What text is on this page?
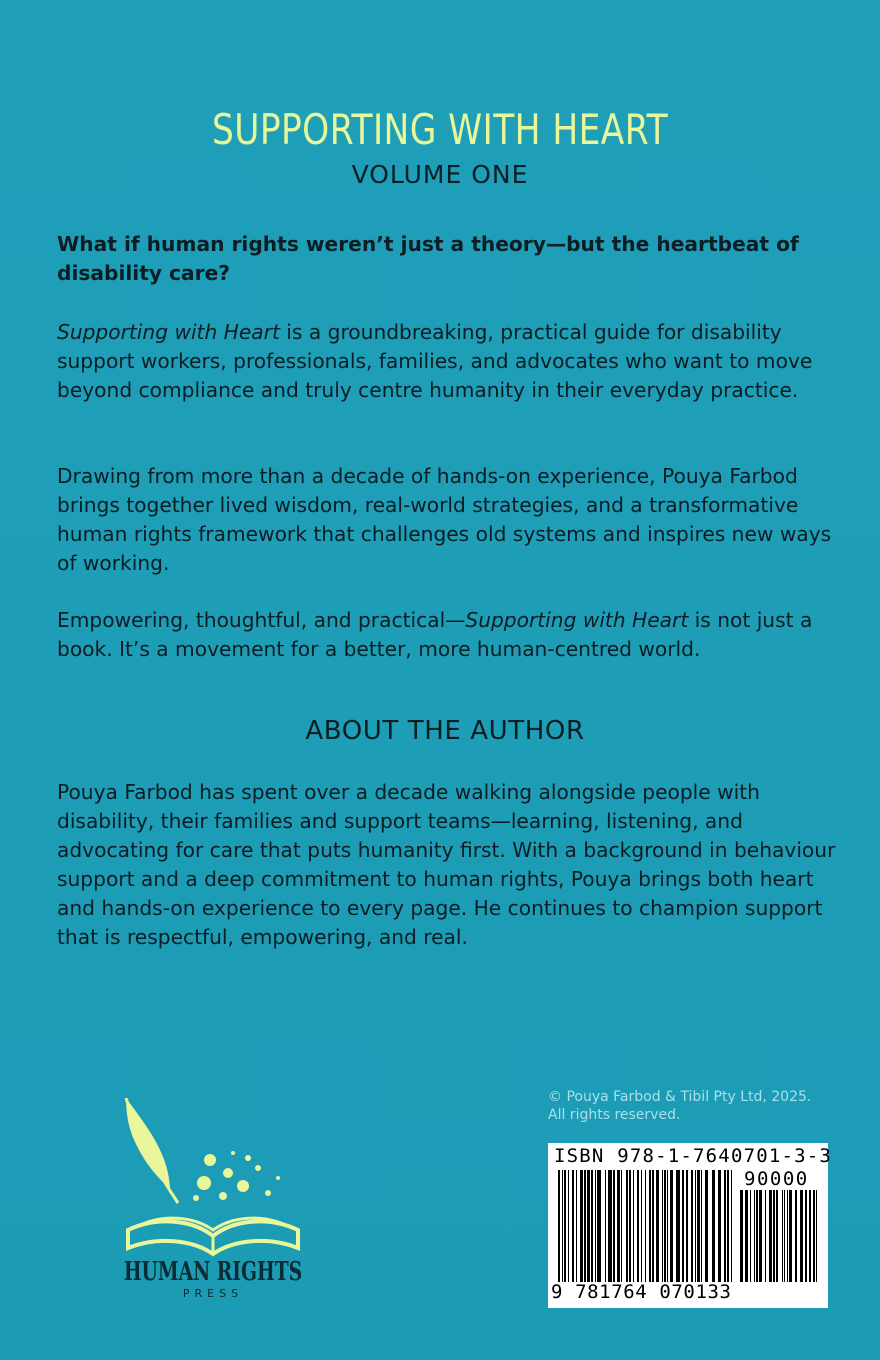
SUPPORTING WITH HEART
VOLUME ONE
What if human rights weren’t just a theory—but the heartbeat of disability care?
Supporting with Heart is a groundbreaking, practical guide for disability support workers, professionals, families, and advocates who want to move beyond compliance and truly centre humanity in their everyday practice.
Drawing from more than a decade of hands-on experience, Pouya Farbod brings together lived wisdom, real-world strategies, and a transformative human rights framework that challenges old systems and inspires new ways of working.
Empowering, thoughtful, and practical—Supporting with Heart is not just a book. It’s a movement for a better, more human-centred world.
ABOUT THE AUTHOR
Pouya Farbod has spent over a decade walking alongside people with disability, their families and support teams—learning, listening, and advocating for care that puts humanity first. With a background in behaviour support and a deep commitment to human rights, Pouya brings both heart and hands-on experience to every page. He continues to champion support that is respectful, empowering, and real.
© Pouya Farbod & Tibil Pty Ltd, 2025.
All rights reserved.
ISBN 978-1-7640701-3-3
90000
9 781764 070133
HUMAN RIGHTS
PRESS
